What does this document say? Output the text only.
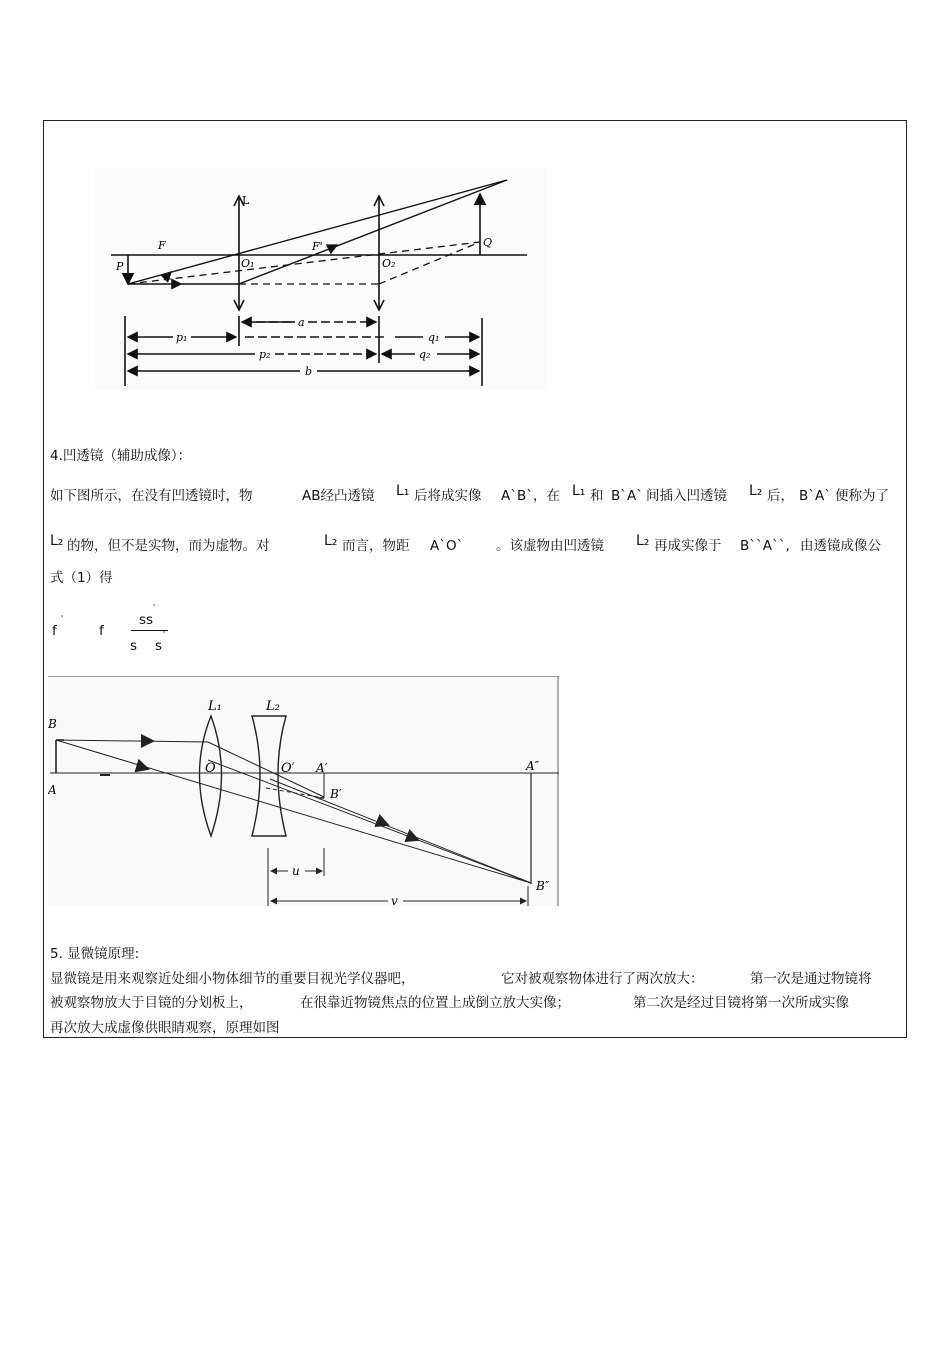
L
F	F'
P
Q
O₁	O₂
a
p₁	q₁
p₂	q₂
b
4.凹透镜（辅助成像）：
如下图所示，在没有凹透镜时，物	AB经凸透镜 L₁ 后将成实像 A`B`，在 L₁ 和 B`A` 间插入凹透镜 L₂ 后， B`A` 便称为了
L₂ 的物，但不是实物，而为虚物。对	L₂ 而言，物距 A`O` 。该虚物由凹透镜 L₂ 再成实像于 B``A``, 由透镜成像公
式（1）得
f
'
f
ss
'
s s
'
L₁	L₂
B
A
O	O′ A′
B′
A″
B″
u
v
5. 显微镜原理:
显微镜是用来观察近处细小物体细节的重要目视光学仪器吧，	它对被观察物体进行了两次放大：	第一次是通过物镜将
被观察物放大于目镜的分划板上，	在很靠近物镜焦点的位置上成倒立放大实像；	第二次是经过目镜将第一次所成实像
再次放大成虚像供眼睛观察，原理如图
